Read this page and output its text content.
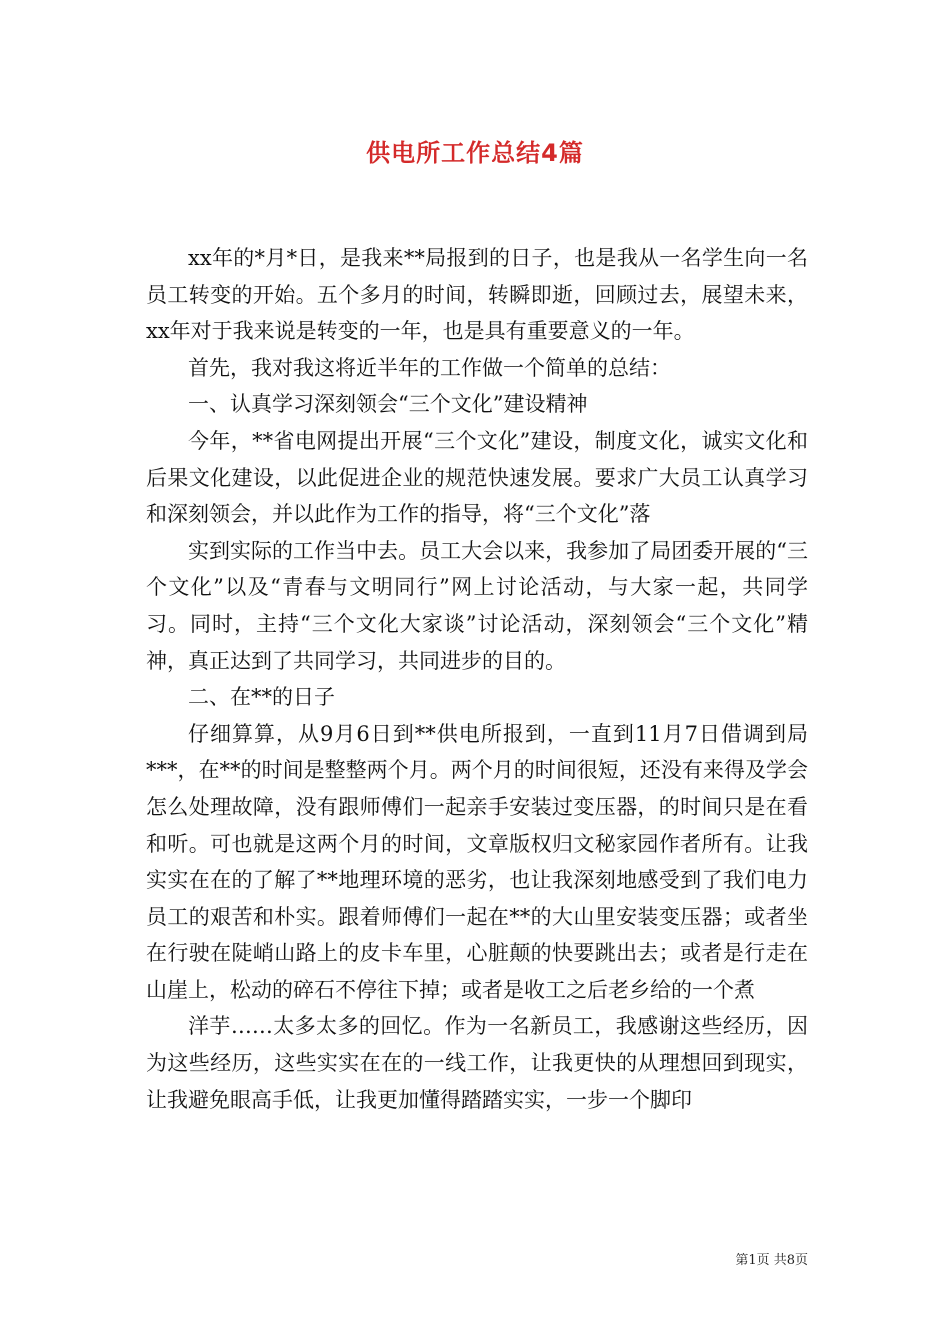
供电所工作总结4篇

xx年的*月*日，是我来**局报到的日子，也是我从一名学生向一名员工转变的开始。五个多月的时间，转瞬即逝，回顾过去，展望未来，xx年对于我来说是转变的一年，也是具有重要意义的一年。

首先，我对我这将近半年的工作做一个简单的总结：

一、认真学习深刻领会“三个文化”建设精神

今年，**省电网提出开展“三个文化”建设，制度文化，诚实文化和后果文化建设，以此促进企业的规范快速发展。要求广大员工认真学习和深刻领会，并以此作为工作的指导，将“三个文化”落

实到实际的工作当中去。员工大会以来，我参加了局团委开展的“三个文化”以及“青春与文明同行”网上讨论活动，与大家一起，共同学习。同时，主持“三个文化大家谈”讨论活动，深刻领会“三个文化”精神，真正达到了共同学习，共同进步的目的。

二、在**的日子

仔细算算，从9月6日到**供电所报到，一直到11月7日借调到局***，在**的时间是整整两个月。两个月的时间很短，还没有来得及学会怎么处理故障，没有跟师傅们一起亲手安装过变压器，的时间只是在看和听。可也就是这两个月的时间，文章版权归文秘家园作者所有。让我实实在在的了解了**地理环境的恶劣，也让我深刻地感受到了我们电力员工的艰苦和朴实。跟着师傅们一起在**的大山里安装变压器；或者坐在行驶在陡峭山路上的皮卡车里，心脏颠的快要跳出去；或者是行走在山崖上，松动的碎石不停往下掉；或者是收工之后老乡给的一个煮

洋芋……太多太多的回忆。作为一名新员工，我感谢这些经历，因为这些经历，这些实实在在的一线工作，让我更快的从理想回到现实，让我避免眼高手低，让我更加懂得踏踏实实，一步一个脚印

第1页 共8页
